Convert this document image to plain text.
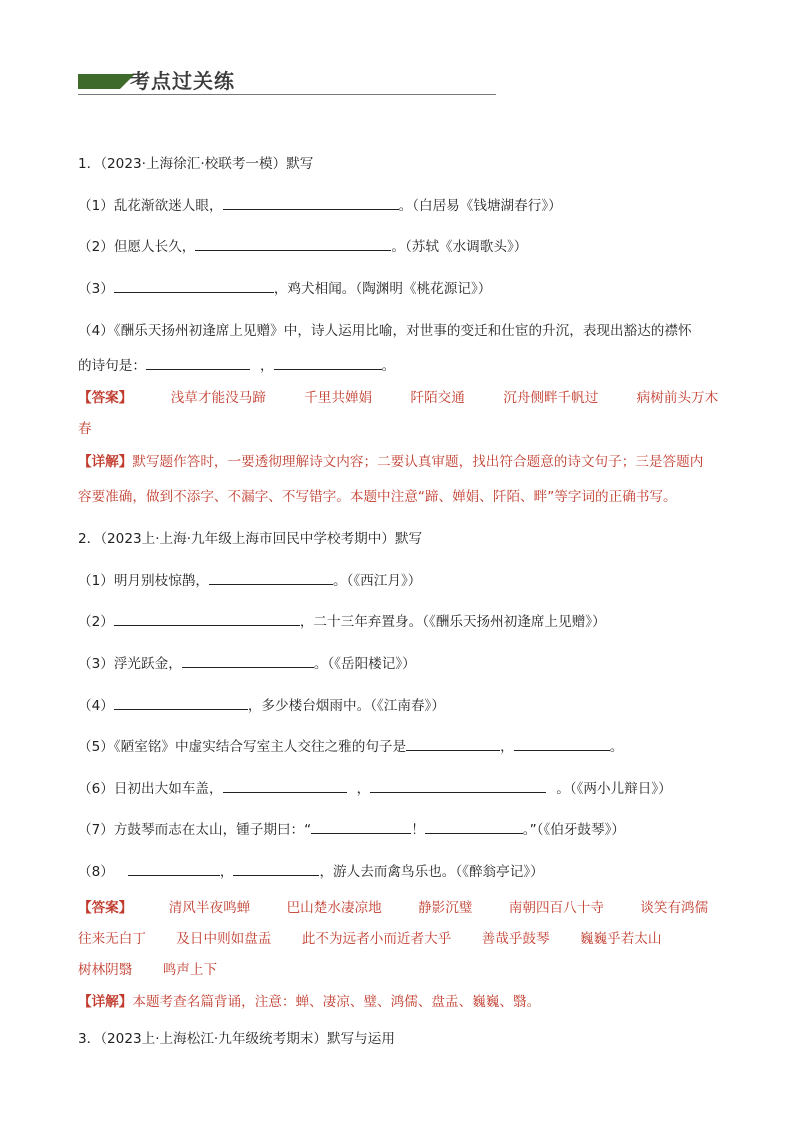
考点过关练
1．（2023·上海徐汇·校联考一模）默写
（1）乱花渐欲迷人眼，	。（白居易《钱塘湖春行》）
（2）但愿人长久，	。（苏轼《水调歌头》）
（3）	，鸡犬相闻。（陶渊明《桃花源记》）
（4）《酬乐天扬州初逢席上见赠》中，诗人运用比喻，对世事的变迁和仕宦的升沉，表现出豁达的襟怀
的诗句是：	，	。
【答案】	浅草才能没马蹄	千里共婵娟	阡陌交通	沉舟侧畔千帆过	病树前头万木
春
【详解】默写题作答时，一要透彻理解诗文内容；二要认真审题，找出符合题意的诗文句子；三是答题内
容要准确，做到不添字、不漏字、不写错字。本题中注意“蹄、婵娟、阡陌、畔”等字词的正确书写。
2．（2023上·上海·九年级上海市回民中学校考期中）默写
（1）明月别枝惊鹊，	。（《西江月》）
（2）	，二十三年弃置身。（《酬乐天扬州初逢席上见赠》）
（3）浮光跃金，	。（《岳阳楼记》）
（4）	，多少楼台烟雨中。（《江南春》）
（5）《陋室铭》中虚实结合写室主人交往之雅的句子是	，	。
（6）日初出大如车盖，	，	。（《两小儿辩日》）
（7）方鼓琴而志在太山，锺子期曰：“	！	。”（《伯牙鼓琴》）
（8）	，	，游人去而禽鸟乐也。（《醉翁亭记》）
【答案】	清风半夜鸣蝉	巴山楚水凄凉地	静影沉璧	南朝四百八十寺	谈笑有鸿儒
往来无白丁 及日中则如盘盂 此不为远者小而近者大乎 善哉乎鼓琴 巍巍乎若太山
树林阴翳 鸣声上下
【详解】本题考查名篇背诵，注意：蝉、凄凉、璧、鸿儒、盘盂、巍巍、翳。
3．（2023上·上海松江·九年级统考期末）默写与运用
